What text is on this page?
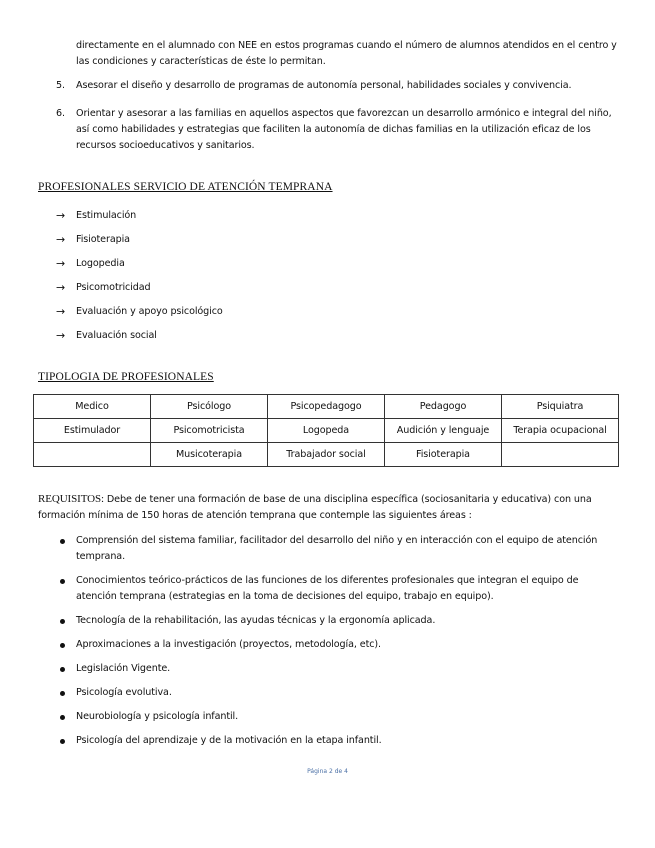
directamente en el alumnado con NEE en estos programas cuando el número de alumnos atendidos en el centro y las condiciones y características de éste lo permitan.
5. Asesorar el diseño y desarrollo de programas de autonomía personal, habilidades sociales y convivencia.
6. Orientar y asesorar a las familias en aquellos aspectos que favorezcan un desarrollo armónico e integral del niño, así como habilidades y estrategias que faciliten la autonomía de dichas familias en la utilización eficaz de los recursos socioeducativos y sanitarios.
PROFESIONALES SERVICIO DE ATENCIÓN TEMPRANA
→	Estimulación
→	Fisioterapia
→	Logopedia
→	Psicomotricidad
→	Evaluación y apoyo psicológico
→	Evaluación social
TIPOLOGIA DE PROFESIONALES
Medico	Psicólogo	Psicopedagogo	Pedagogo	Psiquiatra
Estimulador	Psicomotricista	Logopeda	Audición y lenguaje	Terapia ocupacional
	Musicoterapia	Trabajador social	Fisioterapia	
REQUISITOS: Debe de tener una formación de base de una disciplina específica (sociosanitaria y educativa) con una formación mínima de 150 horas de atención temprana que contemple las siguientes áreas :
Comprensión del sistema familiar, facilitador del desarrollo del niño y en interacción con el equipo de atención temprana.
Conocimientos teórico-prácticos de las funciones de los diferentes profesionales que integran el equipo de atención temprana (estrategias en la toma de decisiones del equipo, trabajo en equipo).
Tecnología de la rehabilitación, las ayudas técnicas y la ergonomía aplicada.
Aproximaciones a la investigación (proyectos, metodología, etc).
Legislación Vigente.
Psicología evolutiva.
Neurobiología y psicología infantil.
Psicología del aprendizaje y de la motivación en la etapa infantil.
Página 2 de 4
